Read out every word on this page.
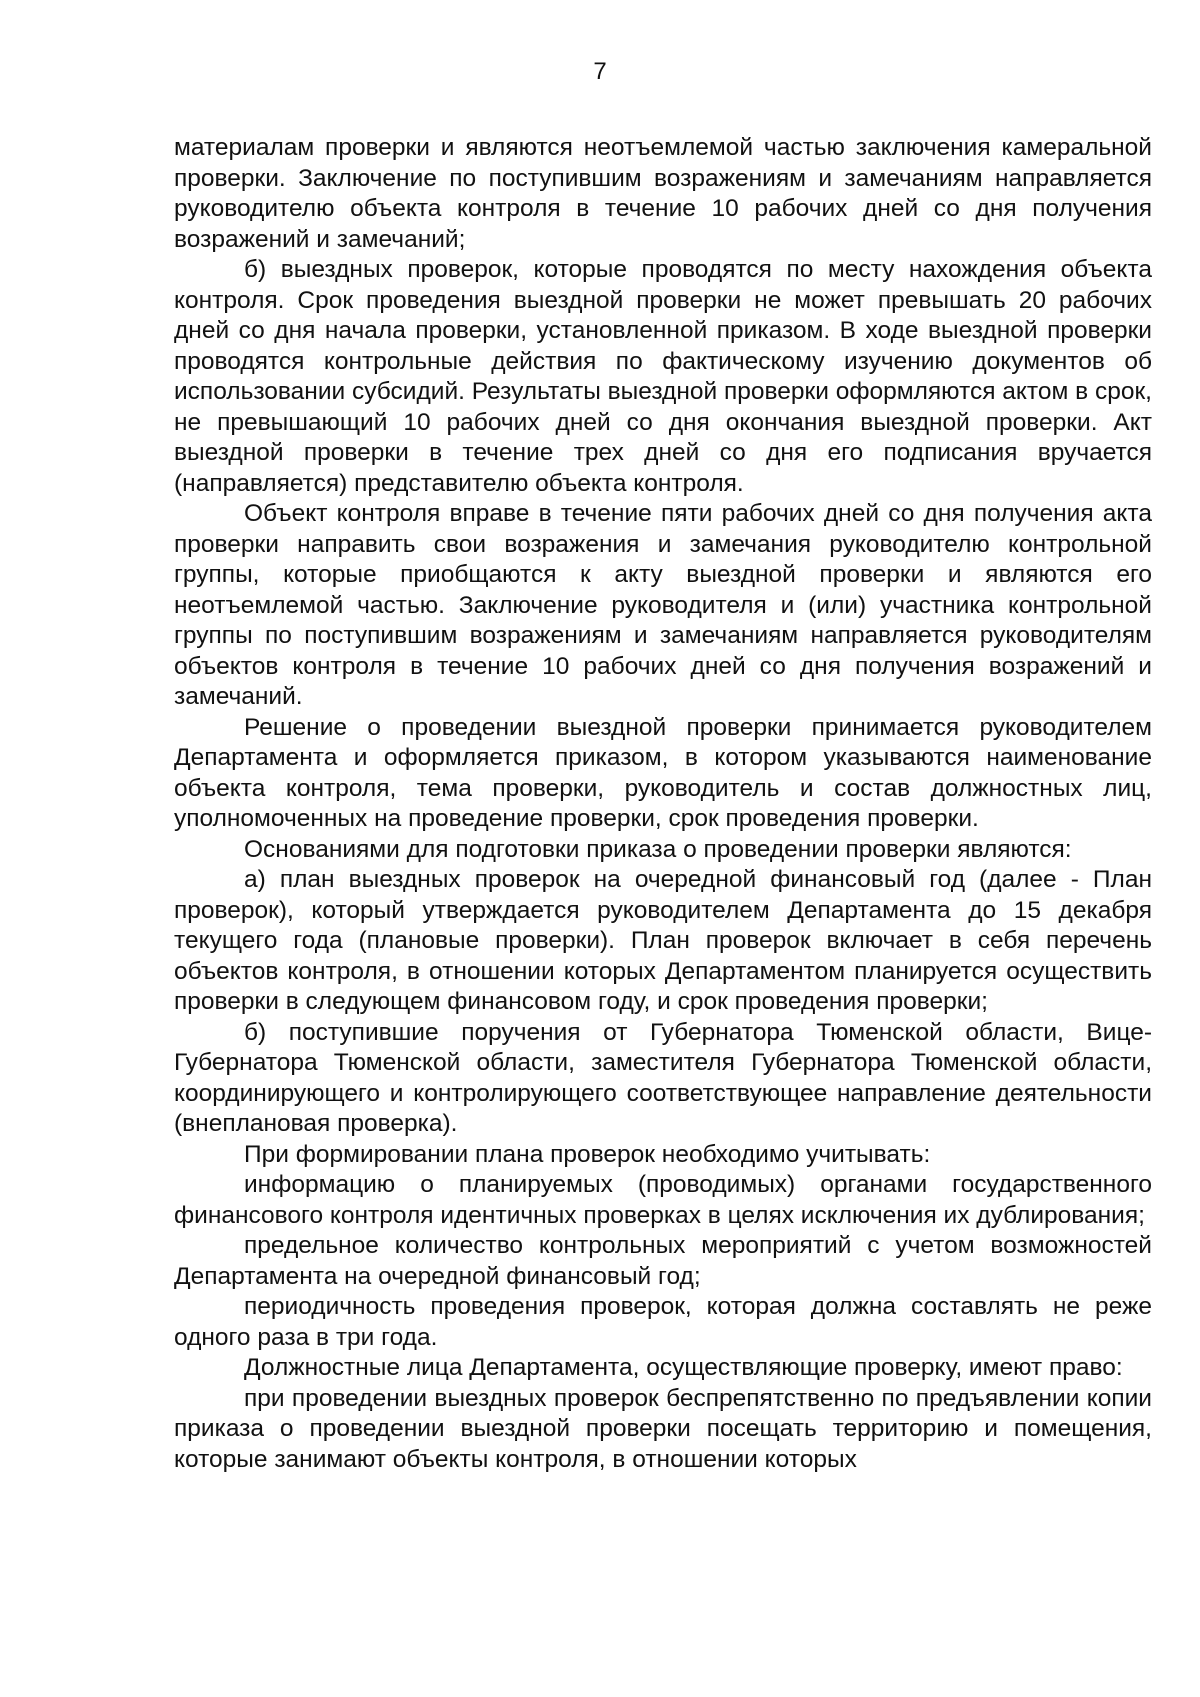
7

материалам проверки и являются неотъемлемой частью заключения камеральной проверки. Заключение по поступившим возражениям и замечаниям направляется руководителю объекта контроля в течение 10 рабочих дней со дня получения возражений и замечаний;

б) выездных проверок, которые проводятся по месту нахождения объекта контроля. Срок проведения выездной проверки не может превышать 20 рабочих дней со дня начала проверки, установленной приказом. В ходе выездной проверки проводятся контрольные действия по фактическому изучению документов об использовании субсидий. Результаты выездной проверки оформляются актом в срок, не превышающий 10 рабочих дней со дня окончания выездной проверки. Акт выездной проверки в течение трех дней со дня его подписания вручается (направляется) представителю объекта контроля.

Объект контроля вправе в течение пяти рабочих дней со дня получения акта проверки направить свои возражения и замечания руководителю контрольной группы, которые приобщаются к акту выездной проверки и являются его неотъемлемой частью. Заключение руководителя и (или) участника контрольной группы по поступившим возражениям и замечаниям направляется руководителям объектов контроля в течение 10 рабочих дней со дня получения возражений и замечаний.

Решение о проведении выездной проверки принимается руководителем Департамента и оформляется приказом, в котором указываются наименование объекта контроля, тема проверки, руководитель и состав должностных лиц, уполномоченных на проведение проверки, срок проведения проверки.

Основаниями для подготовки приказа о проведении проверки являются:

а) план выездных проверок на очередной финансовый год (далее - План проверок), который утверждается руководителем Департамента до 15 декабря текущего года (плановые проверки). План проверок включает в себя перечень объектов контроля, в отношении которых Департаментом планируется осуществить проверки в следующем финансовом году, и срок проведения проверки;

б) поступившие поручения от Губернатора Тюменской области, Вице-Губернатора Тюменской области, заместителя Губернатора Тюменской области, координирующего и контролирующего соответствующее направление деятельности (внеплановая проверка).

При формировании плана проверок необходимо учитывать:

информацию о планируемых (проводимых) органами государственного финансового контроля идентичных проверках в целях исключения их дублирования;

предельное количество контрольных мероприятий с учетом возможностей Департамента на очередной финансовый год;

периодичность проведения проверок, которая должна составлять не реже одного раза в три года.

Должностные лица Департамента, осуществляющие проверку, имеют право:

при проведении выездных проверок беспрепятственно по предъявлении копии приказа о проведении выездной проверки посещать территорию и помещения, которые занимают объекты контроля, в отношении которых
